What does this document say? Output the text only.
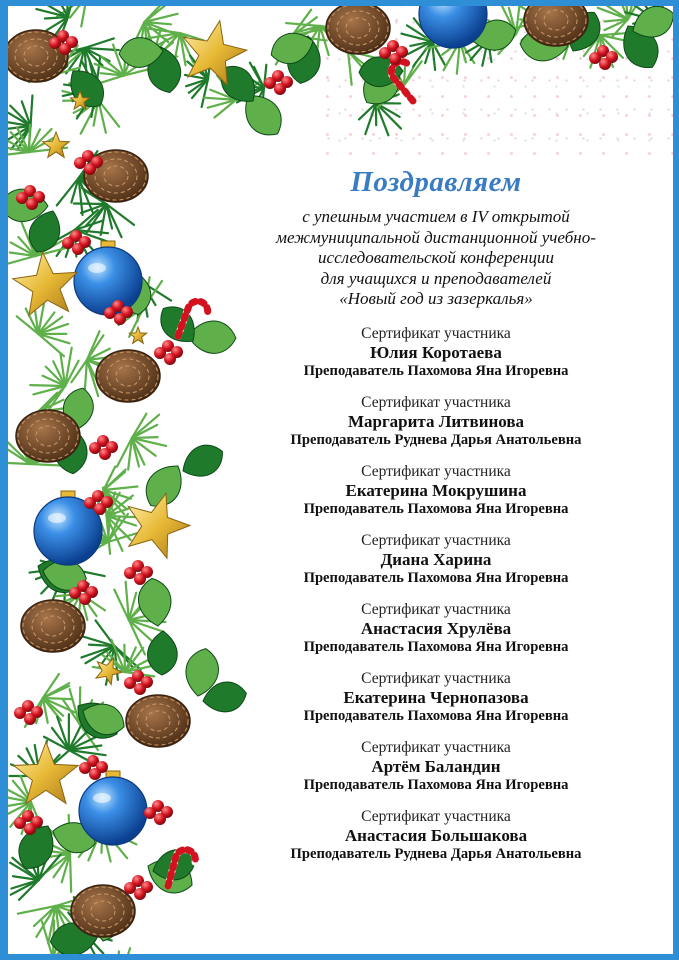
Поздравляем
с упешным участием в IV открытой
межмуниципальной дистанционной учебно-
исследовательской конференции
для учащихся и преподавателей
«Новый год из зазеркалья»
Сертификат участника
Юлия Коротаева
Преподаватель Пахомова Яна Игоревна
Сертификат участника
Маргарита Литвинова
Преподаватель Руднева Дарья Анатольевна
Сертификат участника
Екатерина Мокрушина
Преподаватель Пахомова Яна Игоревна
Сертификат участника
Диана Харина
Преподаватель Пахомова Яна Игоревна
Сертификат участника
Анастасия Хрулёва
Преподаватель Пахомова Яна Игоревна
Сертификат участника
Екатерина Чернопазова
Преподаватель Пахомова Яна Игоревна
Сертификат участника
Артём Баландин
Преподаватель Пахомова Яна Игоревна
Сертификат участника
Анастасия Большакова
Преподаватель Руднева Дарья Анатольевна
